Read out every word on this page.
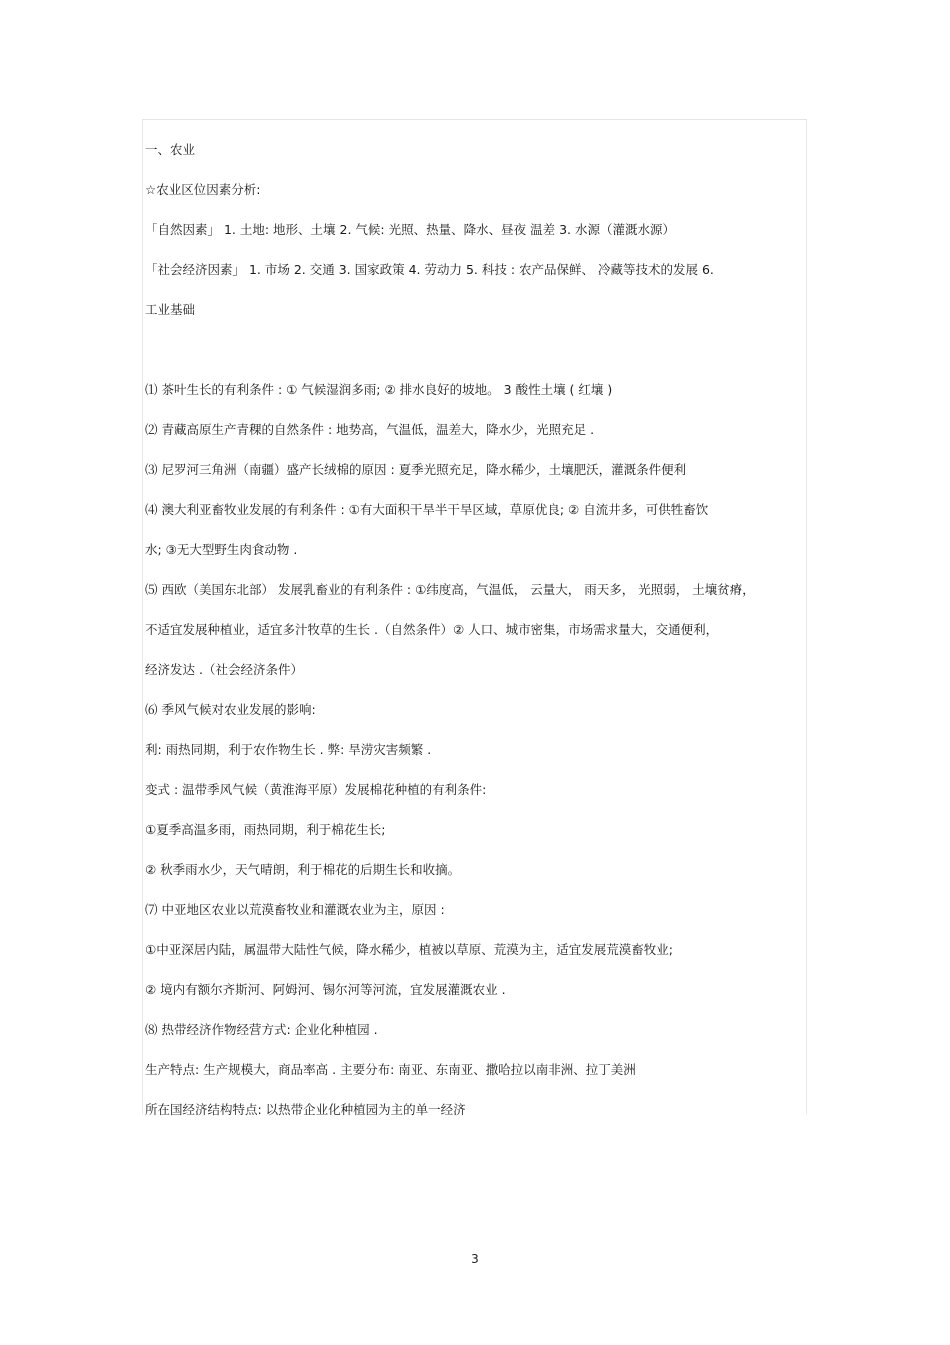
一、农业
☆农业区位因素分析:
「自然因素」 1. 土地: 地形、土壤 2. 气候: 光照、热量、降水、昼夜 温差 3. 水源（灌溉水源）
「社会经济因素」 1. 市场 2. 交通 3. 国家政策 4. 劳动力 5. 科技 : 农产品保鲜、 冷藏等技术的发展 6.
工业基础
⑴ 茶叶生长的有利条件 : ① 气候湿润多雨; ② 排水良好的坡地。 3 酸性土壤 ( 红壤 )
⑵ 青藏高原生产青稞的自然条件 : 地势高，气温低，温差大，降水少，光照充足 .
⑶ 尼罗河三角洲（南疆）盛产长绒棉的原因 : 夏季光照充足，降水稀少，土壤肥沃，灌溉条件便利
⑷ 澳大利亚畜牧业发展的有利条件 : ①有大面积干旱半干旱区域，草原优良; ② 自流井多，可供牲畜饮
水; ③无大型野生肉食动物 .
⑸ 西欧（美国东北部） 发展乳畜业的有利条件 : ①纬度高，气温低， 云量大， 雨天多， 光照弱， 土壤贫瘠，
不适宜发展种植业，适宜多汁牧草的生长 .（自然条件）② 人口、城市密集，市场需求量大，交通便利，
经济发达 .（社会经济条件）
⑹ 季风气候对农业发展的影响:
利: 雨热同期，利于农作物生长 . 弊: 旱涝灾害频繁 .
变式 : 温带季风气候（黄淮海平原）发展棉花种植的有利条件:
①夏季高温多雨，雨热同期，利于棉花生长;
② 秋季雨水少，天气晴朗，利于棉花的后期生长和收摘。
⑺ 中亚地区农业以荒漠畜牧业和灌溉农业为主，原因 :
①中亚深居内陆，属温带大陆性气候，降水稀少，植被以草原、荒漠为主，适宜发展荒漠畜牧业;
② 境内有额尔齐斯河、阿姆河、锡尔河等河流，宜发展灌溉农业 .
⑻ 热带经济作物经营方式: 企业化种植园 .
生产特点: 生产规模大，商品率高 . 主要分布: 南亚、东南亚、撒哈拉以南非洲、拉丁美洲
所在国经济结构特点: 以热带企业化种植园为主的单一经济
3
